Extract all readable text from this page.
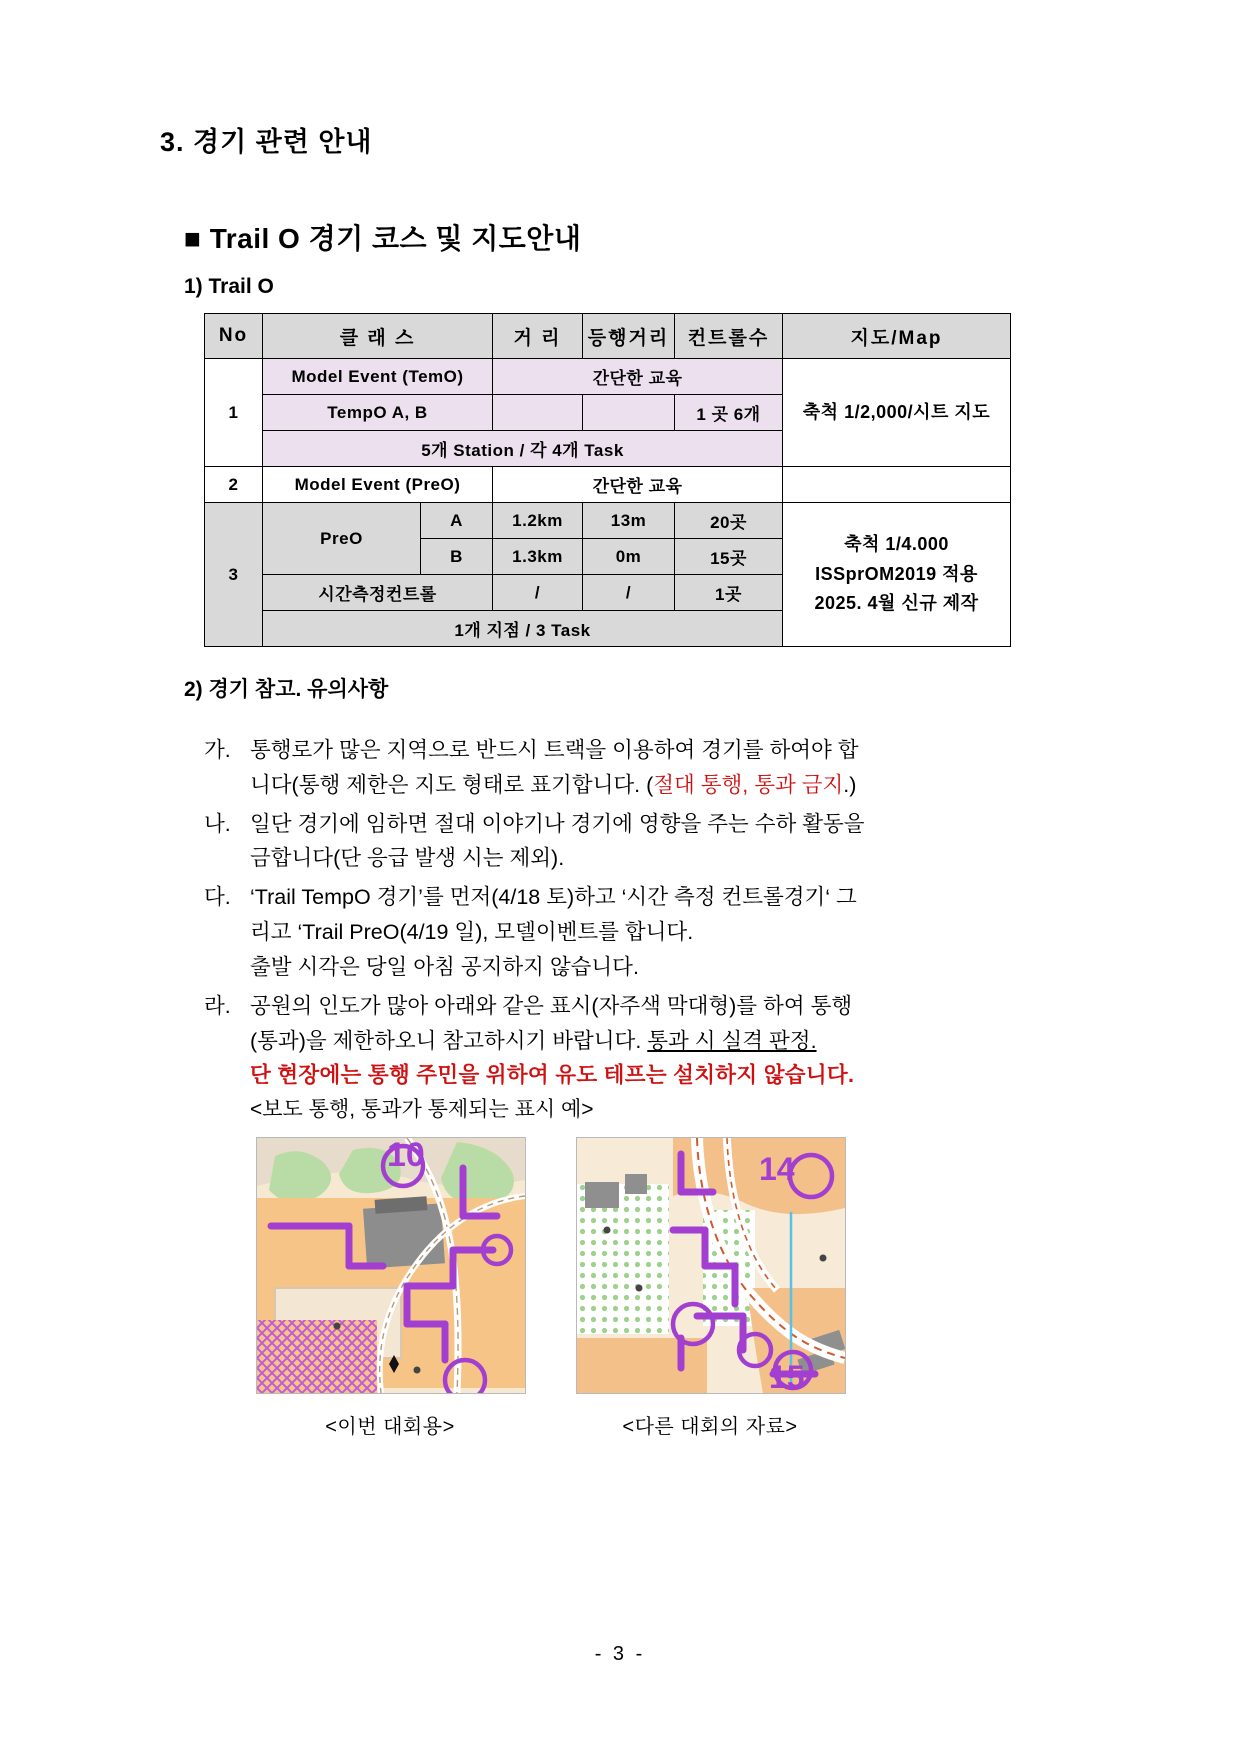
3. 경기 관련 안내
■ Trail O 경기 코스 및 지도안내
1) Trail O
No	클 래 스		거 리	등행거리	컨트롤수	지도/Map
1	Model Event (TemO)		간단한 교육			축척 1/2,000/시트 지도
	TempO A, B				1 곳 6개	
	5개 Station / 각 4개 Task					
2	Model Event (PreO)		간단한 교육			
3	PreO	A	1.2km	13m	20곳	축척 1/4.000
ISSprOM2019 적용
2025. 4월 신규 제작

		B	1.3km	0m	15곳	
	시간측정컨트롤		/	/	1곳	
	1개 지점 / 3 Task					
2) 경기 참고. 유의사항
가. 통행로가 많은 지역으로 반드시 트랙을 이용하여 경기를 하여야 합

니다(통행 제한은 지도 형태로 표기합니다. (절대 통행, 통과 금지.)

나. 일단 경기에 임하면 절대 이야기나 경기에 영향을 주는 수하 활동을

금합니다(단 응급 발생 시는 제외).

다. ‘Trail TempO 경기’를 먼저(4/18 토)하고 ‘시간 측정 컨트롤경기‘ 그

리고 ‘Trail PreO(4/19 일), 모델이벤트를 합니다.

출발 시각은 당일 아침 공지하지 않습니다.

라. 공원의 인도가 많아 아래와 같은 표시(자주색 막대형)를 하여 통행

(통과)을 제한하오니 참고하시기 바랍니다. 통과 시 실격 판정.

단 현장에는 통행 주민을 위하여 유도 테프는 설치하지 않습니다.

<보도 통행, 통과가 통제되는 표시 예>

10
<이번 대회용>
14
15
<다른 대회의 자료>
- 3 -
